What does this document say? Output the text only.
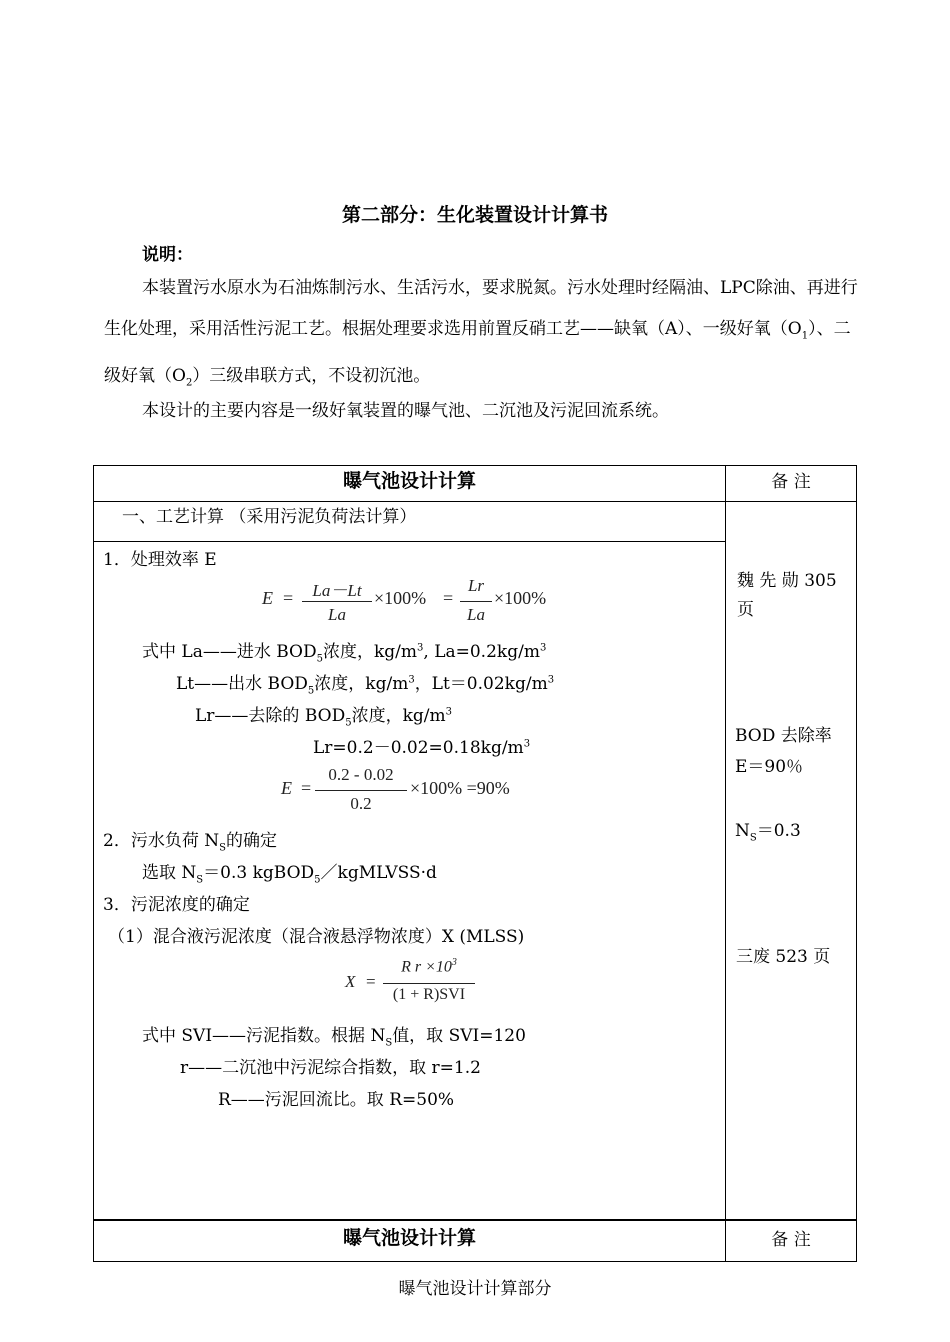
第二部分：生化装置设计计算书
说明：
本装置污水原水为石油炼制污水、生活污水，要求脱氮。污水处理时经隔油、LPC除油、再进行生化处理，采用活性污泥工艺。根据处理要求选用前置反硝工艺——缺氧（A）、一级好氧$(O_1)$、二级好氧$(O_2)$三级串联方式，不设初沉池。
本设计的主要内容是一级好氧装置的曝气池、二沉池及污泥回流系统。
曝气池设计计算	备 注
一、工艺计算 （采用污泥负荷法计算）
1．处理效率 E
E =	La－Lt
La
×100% =
Lr
La
×100%
式中 La——进水 $BOD_5$浓度，$kg/m^3$, $La=0.2kg/m^3$
Lt——出水 $BOD_5$浓度，$kg/m^3$，$Lt=0.02kg/m^3$
Lr——去除的 $BOD_5$浓度，$kg/m^3$
$Lr=0.2-0.02=0.18kg/m^3$
E =
0.2 - 0.02
0.2
×100% =90%
2．污水负荷 $N_S$的确定
选取 $N_S=0.3$ kgBOD$_5$／kgMLVSS·d
3．污泥浓度的确定
（1）混合液污泥浓度（混合液悬浮物浓度）X (MLSS)
X =
R $r \times 10^3$
(1 + R)SVI
式中 SVI——污泥指数。根据 $N_S$值，取 SVI=120
r——二沉池中污泥综合指数，取 r=1.2
R——污泥回流比。取 R=50%
魏 先 勋 305
页
BOD 去除率
E＝90％
$N_S=0.3$
三废 523 页
曝气池设计计算	备 注
曝气池设计计算部分
